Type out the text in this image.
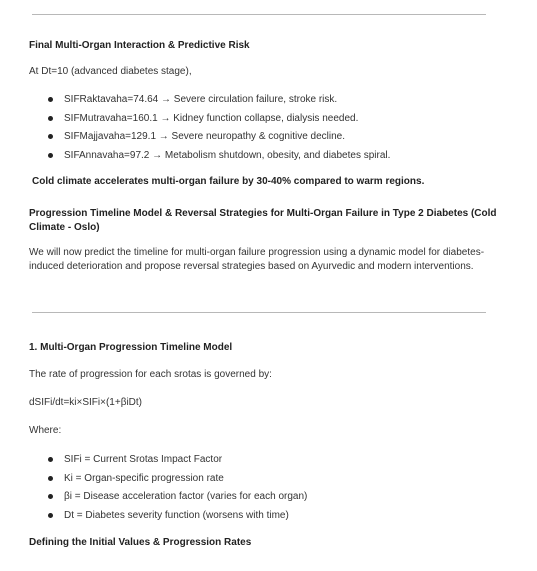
Final Multi-Organ Interaction & Predictive Risk
At Dt=10 (advanced diabetes stage),
SIFRaktavaha=74.64 → Severe circulation failure, stroke risk.
SIFMutravaha=160.1 → Kidney function collapse, dialysis needed.
SIFMajjavaha=129.1 → Severe neuropathy & cognitive decline.
SIFAnnavaha=97.2 → Metabolism shutdown, obesity, and diabetes spiral.
Cold climate accelerates multi-organ failure by 30-40% compared to warm regions.
Progression Timeline Model & Reversal Strategies for Multi-Organ Failure in Type 2 Diabetes (Cold Climate - Oslo)
We will now predict the timeline for multi-organ failure progression using a dynamic model for diabetes-induced deterioration and propose reversal strategies based on Ayurvedic and modern interventions.
1. Multi-Organ Progression Timeline Model
The rate of progression for each srotas is governed by:
dSIFi/dt=ki×SIFi×(1+βiDt)
Where:
SIFi = Current Srotas Impact Factor
Ki = Organ-specific progression rate
βi = Disease acceleration factor (varies for each organ)
Dt = Diabetes severity function (worsens with time)
Defining the Initial Values & Progression Rates
